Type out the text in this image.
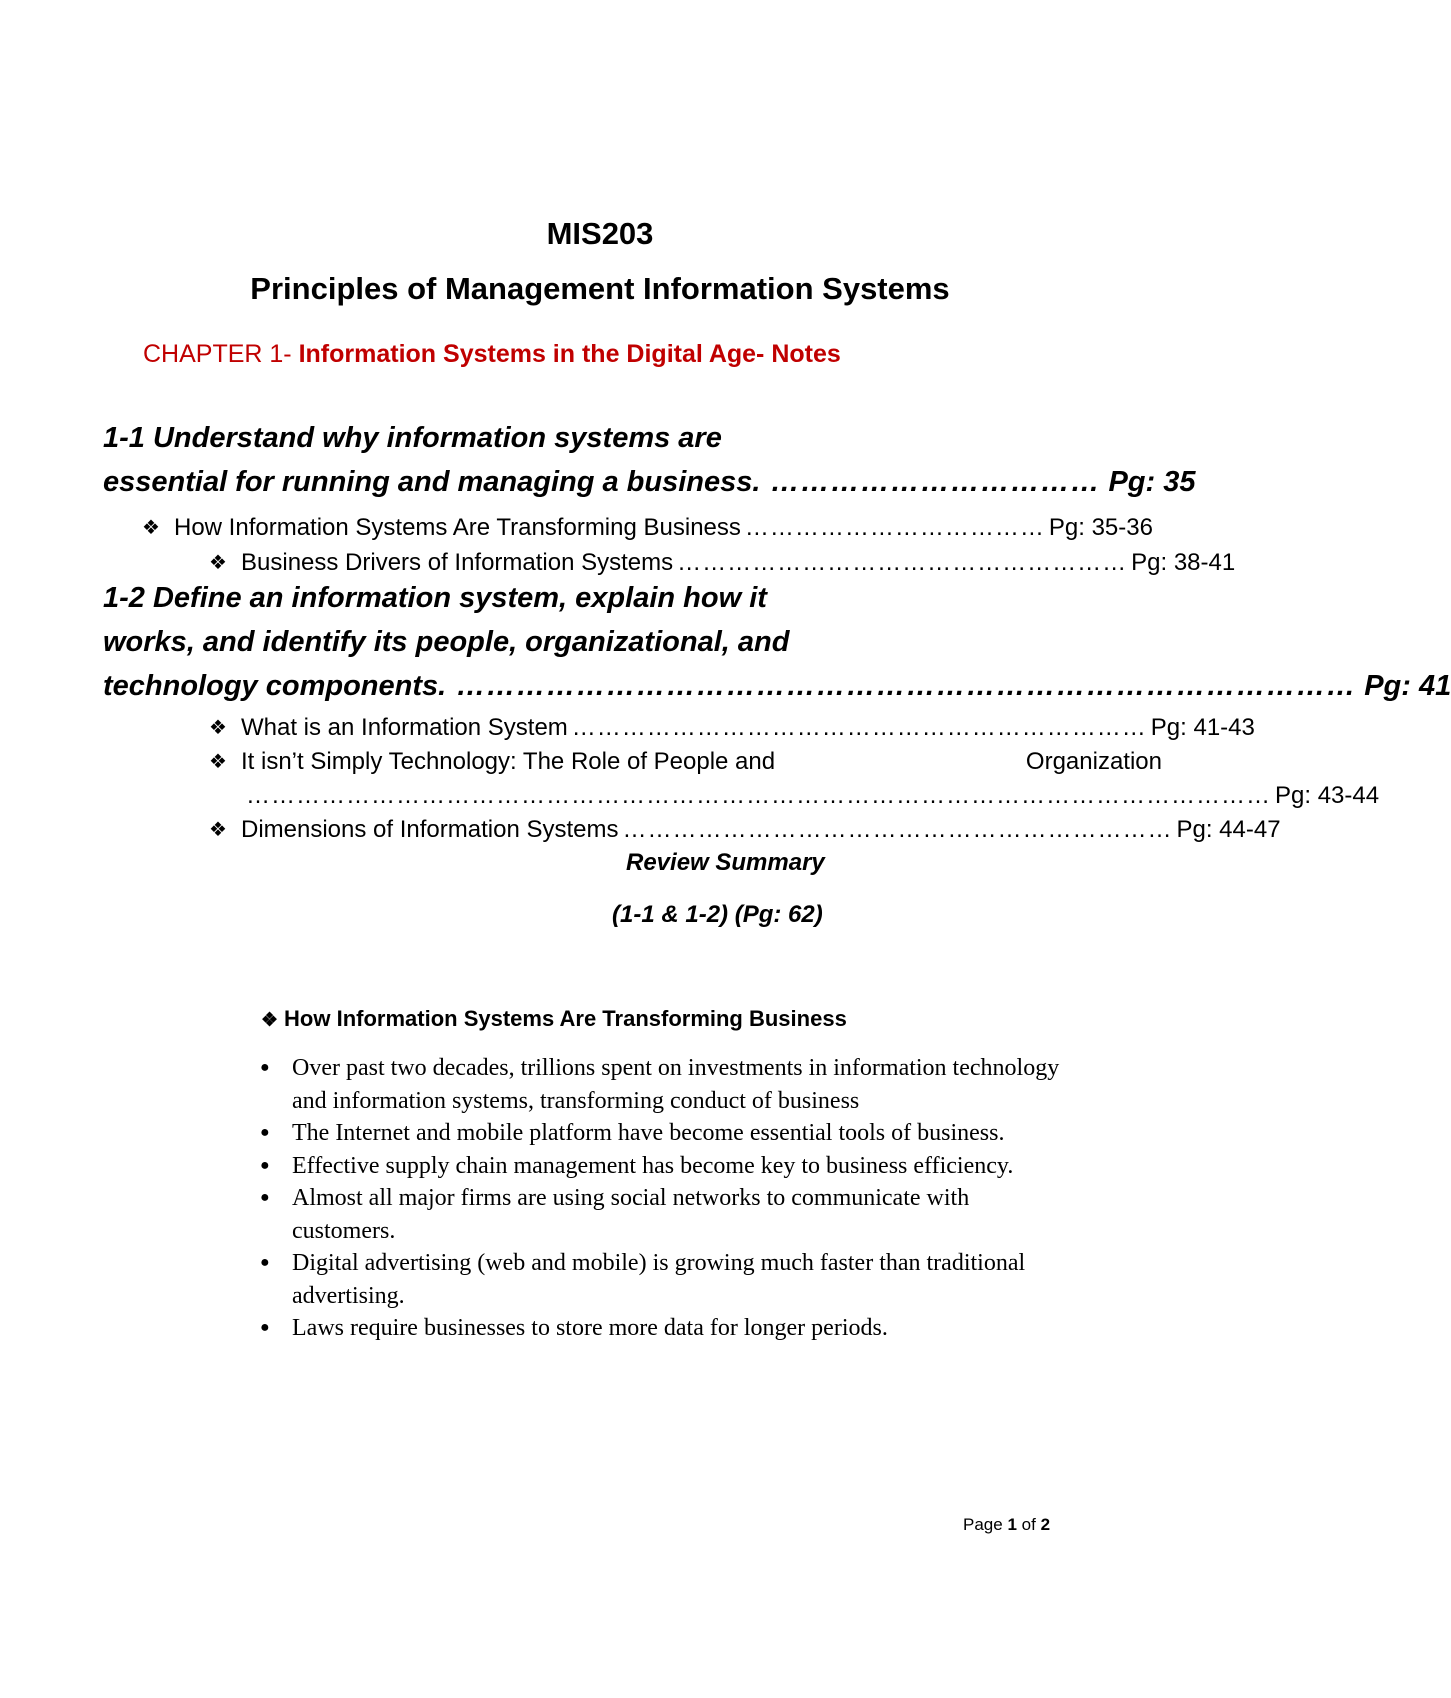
MIS203
Principles of Management Information Systems
CHAPTER 1- Information Systems in the Digital Age- Notes
1-1 Understand why information systems are
essential for running and managing a business. …………………………… Pg: 35
❖ How Information Systems Are Transforming Business ……………………………… Pg: 35-36
❖ Business Drivers of Information Systems ……………………………………………… Pg: 38-41
1-2 Define an information system, explain how it
works, and identify its people, organizational, and
technology components. ……………………………………………………………………………… Pg: 41
❖ What is an Information System …………………………………………………………… Pg: 41-43
❖ It isn’t Simply Technology: The Role of People and	Organization
…………………………………………………………………………………………………………… Pg: 43-44
❖ Dimensions of Information Systems ………………………………………………………… Pg: 44-47
Review Summary
(1-1 & 1-2) (Pg: 62)
❖ How Information Systems Are Transforming Business
● Over past two decades, trillions spent on investments in information technology and information systems, transforming conduct of business
● The Internet and mobile platform have become essential tools of business.
● Effective supply chain management has become key to business efficiency.
● Almost all major firms are using social networks to communicate with customers.
● Digital advertising (web and mobile) is growing much faster than traditional advertising.
● Laws require businesses to store more data for longer periods.
Page 1 of 2
